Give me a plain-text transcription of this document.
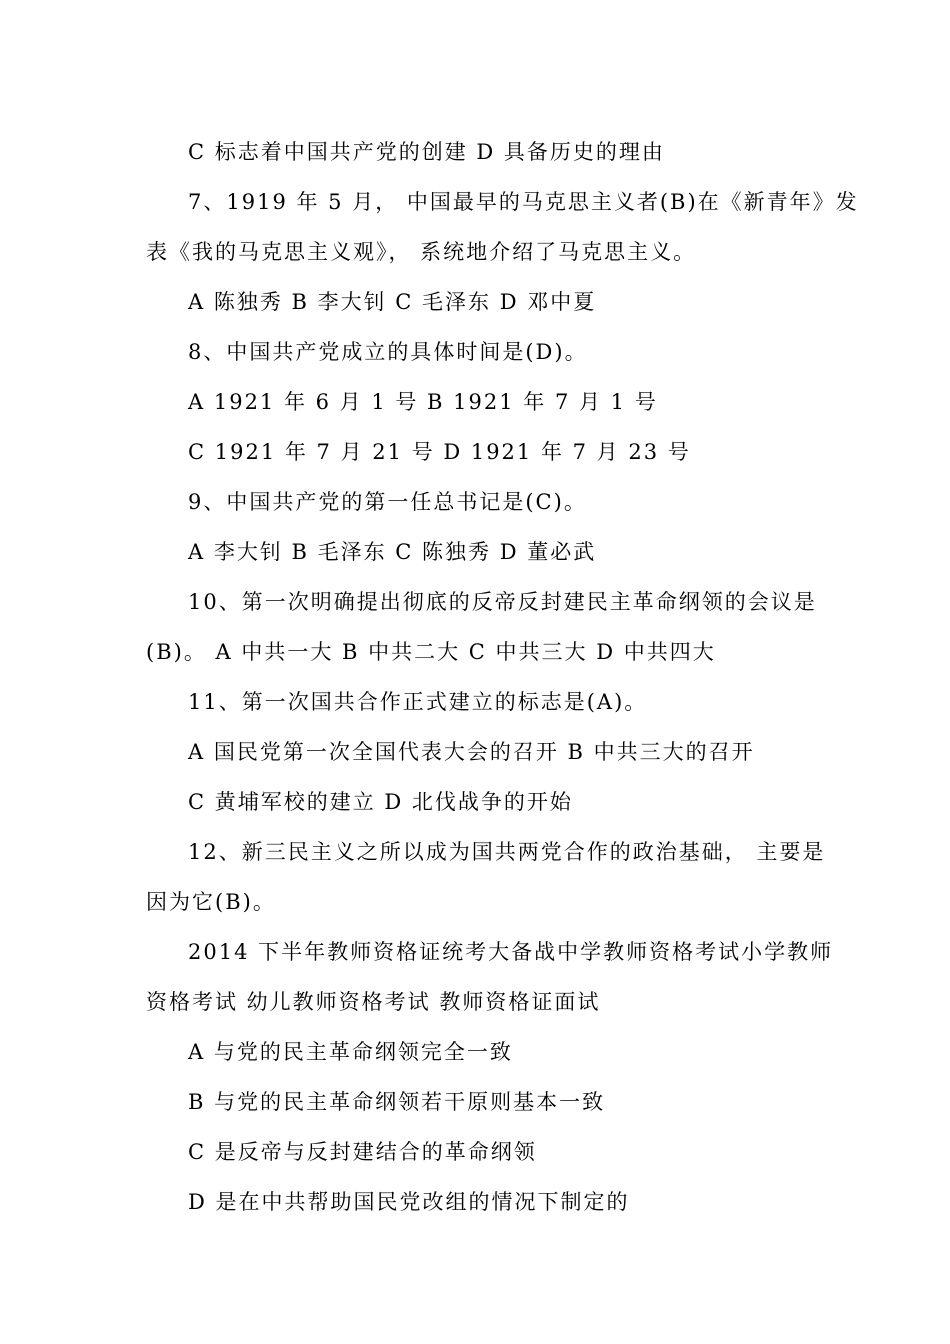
C 标志着中国共产党的创建 D 具备历史的理由
7、1919 年 5 月， 中国最早的马克思主义者(B)在《新青年》发
表《我的马克思主义观》， 系统地介绍了马克思主义。
A 陈独秀 B 李大钊 C 毛泽东 D 邓中夏
8、中国共产党成立的具体时间是(D)。
A 1921 年 6 月 1 号 B 1921 年 7 月 1 号
C 1921 年 7 月 21 号 D 1921 年 7 月 23 号
9、中国共产党的第一任总书记是(C)。
A 李大钊 B 毛泽东 C 陈独秀 D 董必武
10、第一次明确提出彻底的反帝反封建民主革命纲领的会议是
(B)。 A 中共一大 B 中共二大 C 中共三大 D 中共四大
11、第一次国共合作正式建立的标志是(A)。
A 国民党第一次全国代表大会的召开 B 中共三大的召开
C 黄埔军校的建立 D 北伐战争的开始
12、新三民主义之所以成为国共两党合作的政治基础， 主要是
因为它(B)。
2014 下半年教师资格证统考大备战中学教师资格考试小学教师
资格考试 幼儿教师资格考试 教师资格证面试
A 与党的民主革命纲领完全一致
B 与党的民主革命纲领若干原则基本一致
C 是反帝与反封建结合的革命纲领
D 是在中共帮助国民党改组的情况下制定的
